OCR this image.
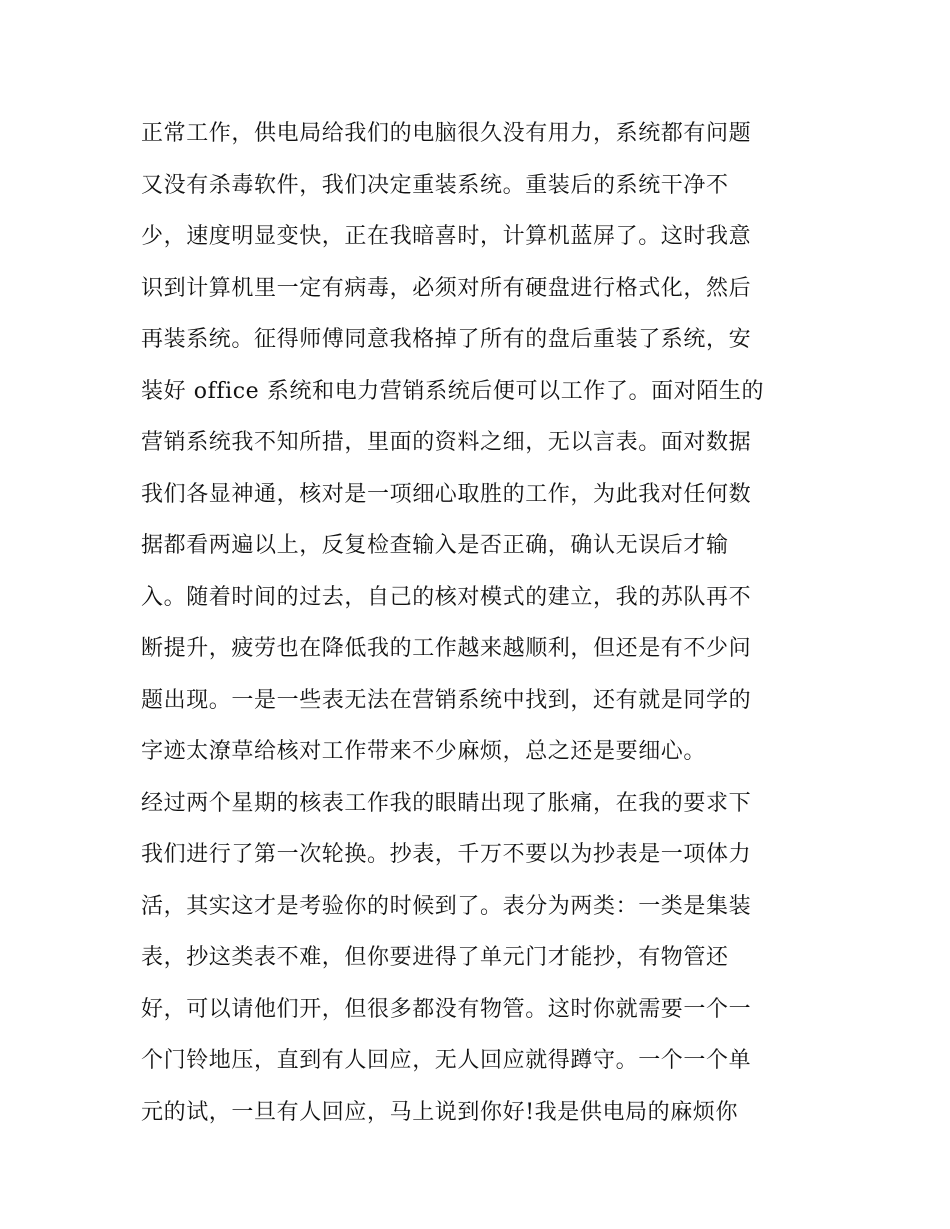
正常工作，供电局给我们的电脑很久没有用力，系统都有问题
又没有杀毒软件，我们决定重装系统。重装后的系统干净不
少，速度明显变快，正在我暗喜时，计算机蓝屏了。这时我意
识到计算机里一定有病毒，必须对所有硬盘进行格式化，然后
再装系统。征得师傅同意我格掉了所有的盘后重装了系统，安
装好 office 系统和电力营销系统后便可以工作了。面对陌生的
营销系统我不知所措，里面的资料之细，无以言表。面对数据
我们各显神通，核对是一项细心取胜的工作，为此我对任何数
据都看两遍以上，反复检查输入是否正确，确认无误后才输
入。随着时间的过去，自己的核对模式的建立，我的苏队再不
断提升，疲劳也在降低我的工作越来越顺利，但还是有不少问
题出现。一是一些表无法在营销系统中找到，还有就是同学的
字迹太潦草给核对工作带来不少麻烦，总之还是要细心。
经过两个星期的核表工作我的眼睛出现了胀痛，在我的要求下
我们进行了第一次轮换。抄表，千万不要以为抄表是一项体力
活，其实这才是考验你的时候到了。表分为两类：一类是集装
表，抄这类表不难，但你要进得了单元门才能抄，有物管还
好，可以请他们开，但很多都没有物管。这时你就需要一个一
个门铃地压，直到有人回应，无人回应就得蹲守。一个一个单
元的试，一旦有人回应，马上说到你好!我是供电局的麻烦你
